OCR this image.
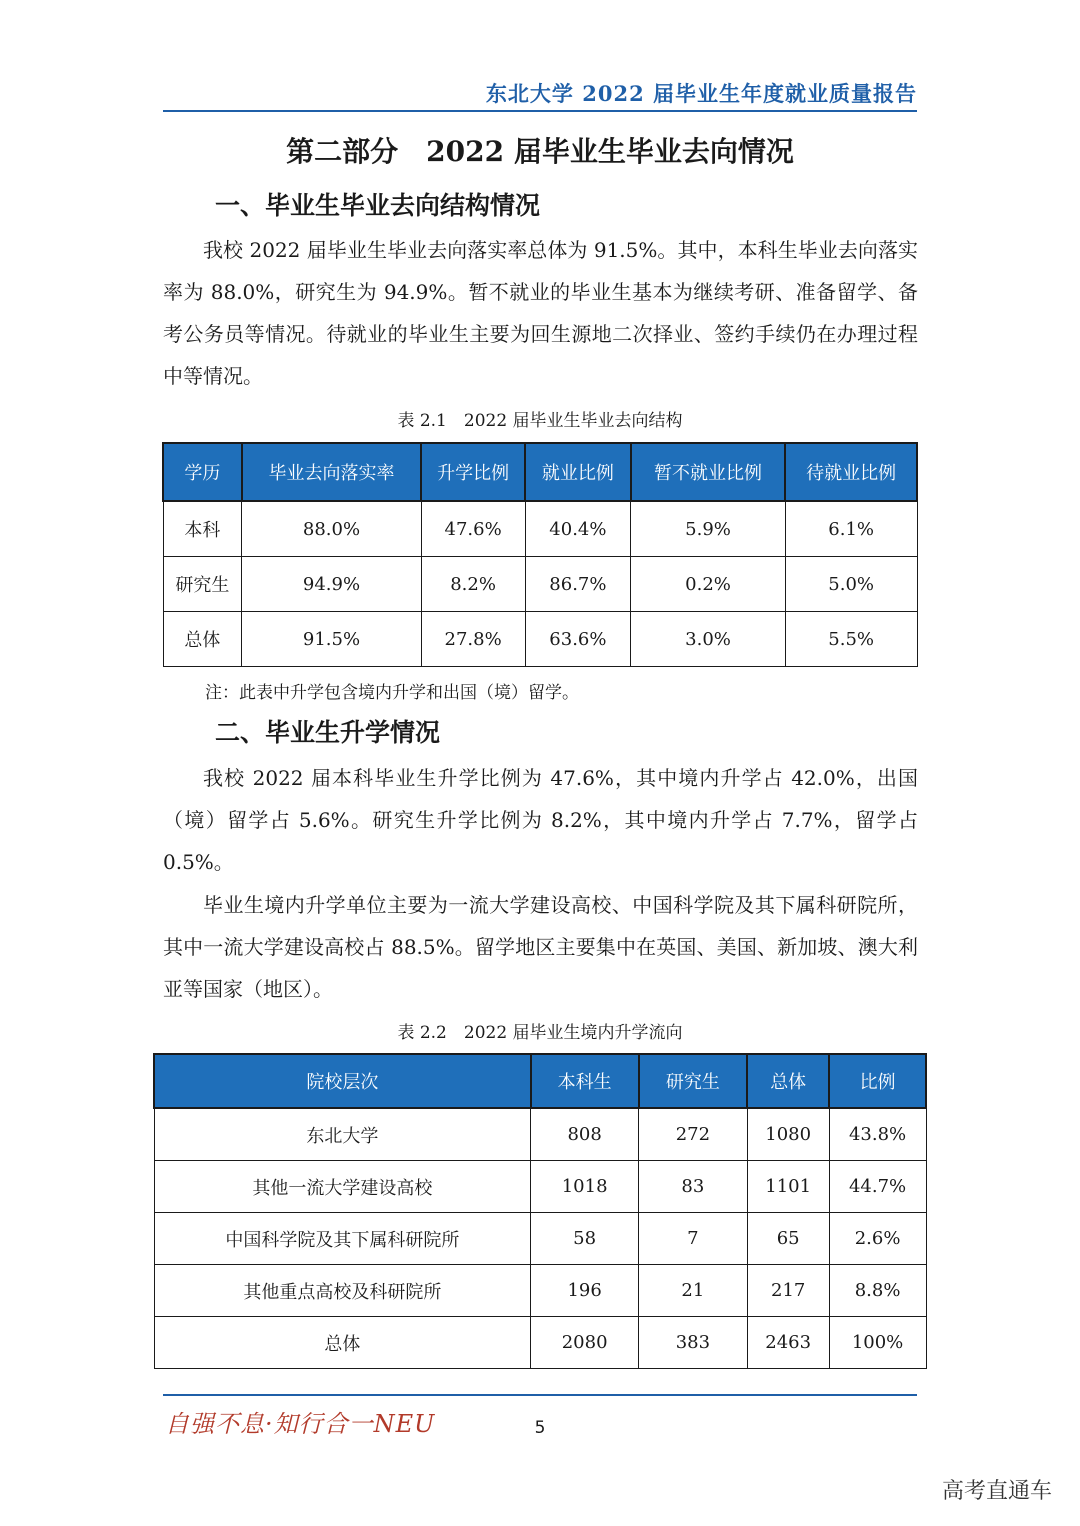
东北大学 2022 届毕业生年度就业质量报告
第二部分　2022 届毕业生毕业去向情况
一、毕业生毕业去向结构情况

我校 2022 届毕业生毕业去向落实率总体为 91.5%。其中，本科生毕业去向落实率为 88.0%，研究生为 94.9%。暂不就业的毕业生基本为继续考研、准备留学、备考公务员等情况。待就业的毕业生主要为回生源地二次择业、签约手续仍在办理过程中等情况。

表 2.1　2022 届毕业生毕业去向结构
学历	毕业去向落实率	升学比例	就业比例	暂不就业比例	待就业比例
本科	88.0%	47.6%	40.4%	5.9%	6.1%
研究生	94.9%	8.2%	86.7%	0.2%	5.0%
总体	91.5%	27.8%	63.6%	3.0%	5.5%
注：此表中升学包含境内升学和出国（境）留学。
二、毕业生升学情况

我校 2022 届本科毕业生升学比例为 47.6%，其中境内升学占 42.0%，出国（境）留学占 5.6%。研究生升学比例为 8.2%，其中境内升学占 7.7%，留学占 0.5%。

毕业生境内升学单位主要为一流大学建设高校、中国科学院及其下属科研院所，其中一流大学建设高校占 88.5%。留学地区主要集中在英国、美国、新加坡、澳大利亚等国家（地区）。

表 2.2　2022 届毕业生境内升学流向
院校层次	本科生	研究生	总体	比例
东北大学	808	272	1080	43.8%
其他一流大学建设高校	1018	83	1101	44.7%
中国科学院及其下属科研院所	58	7	65	2.6%
其他重点高校及科研院所	196	21	217	8.8%
总体	2080	383	2463	100%
自强不息·知行合一NEU	5
高考直通车
